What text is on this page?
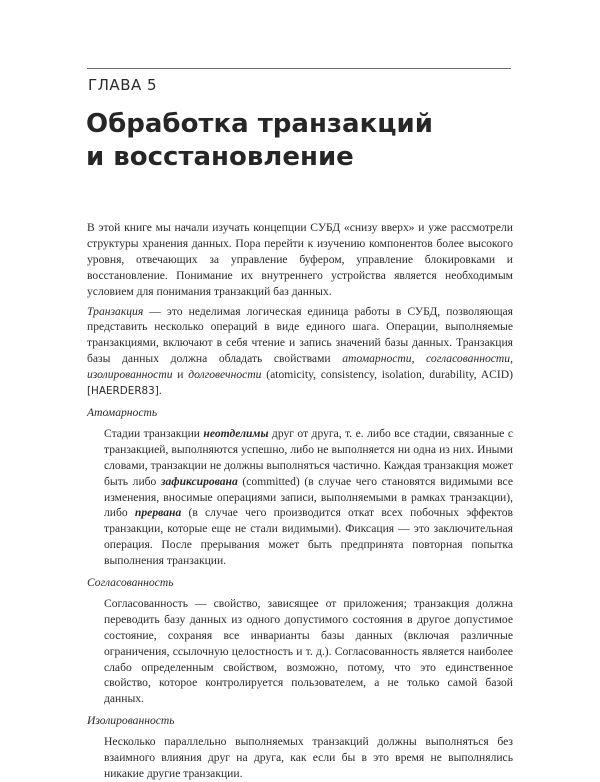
ГЛАВА 5
Обработка транзакций
и восстановление

В этой книге мы начали изучать концепции СУБД «снизу вверх» и уже рассмотрели структуры хранения данных. Пора перейти к изучению компонентов более высокого уровня, отвечающих за управление буфером, управление блокировками и восстановление. Понимание их внутреннего устройства является необходимым условием для понимания транзакций баз данных.

Транзакция — это неделимая логическая единица работы в СУБД, позволяющая представить несколько операций в виде единого шага. Операции, выполняемые транзакциями, включают в себя чтение и запись значений базы данных. Транзакция базы данных должна обладать свойствами атомарности, согласованности, изолированности и долговечности (atomicity, consistency, isolation, durability, ACID) [HAERDER83].

Атомарность

Стадии транзакции неотделимы друг от друга, т. е. либо все стадии, связанные с транзакцией, выполняются успешно, либо не выполняется ни одна из них. Иными словами, транзакции не должны выполняться частично. Каждая транзакция может быть либо зафиксирована (committed) (в случае чего становятся видимыми все изменения, вносимые операциями записи, выполняемыми в рамках транзакции), либо прервана (в случае чего производится откат всех побочных эффектов транзакции, которые еще не стали видимыми). Фиксация — это заключительная операция. После прерывания может быть предпринята повторная попытка выполнения транзакции.

Согласованность

Согласованность — свойство, зависящее от приложения; транзакция должна переводить базу данных из одного допустимого состояния в другое допустимое состояние, сохраняя все инварианты базы данных (включая различные ограничения, ссылочную целостность и т. д.). Согласованность является наиболее слабо определенным свойством, возможно, потому, что это единственное свойство, которое контролируется пользователем, а не только самой базой данных.

Изолированность

Несколько параллельно выполняемых транзакций должны выполняться без взаимного влияния друг на друга, как если бы в это время не выполнялись никакие другие транзакции.
